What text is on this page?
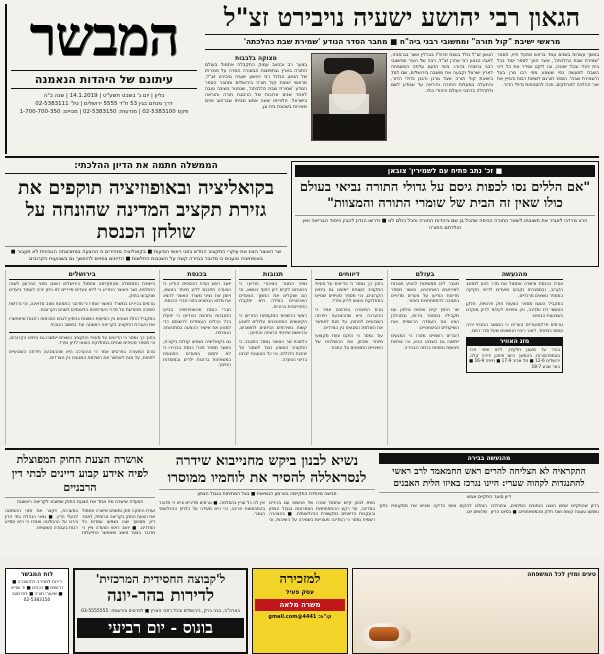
המבשר
עיתונם של היהדות הנאמנה
גליון | יום ג' בשבט תשע"ט | 14.1.2019 | שנה כ"ה
דרך מנחם בגין 53 ת"ד 5555 ירושלים | טל' 02-5383111
פקס 02-5383100 | מודעות: 02-5383150 | מנויים: 1-700-700-350
הגאון רבי יהושע ישעיה נויבירט זצ"ל
מראשי ישיבת "קול תורה" ומחשובי רבני ביה"ח ■ מחבר הסדר הנודע 'שמירת שבת כהלכתה'
מצוקה בלבבות
בצער רב ובכאב עמוק התקבלה אתמול בעולם התורה בארץ ובתפוצות הבשורה המרה על פטירתו של הגאון הגדול רבי יהושע ישעיה נויבירט זצ"ל, מראשי ישיבת קול תורה בירושלים ומחבר הספר הנודע 'שמירת שבת כהלכתה', שנפטר בשיבה טובה לאחר שנים ארוכות של הרבצת תורה והוראה בישראל. הלווייתו יצאה אמש מביתו שברחוב פנים מאירות בשכונת בית וגן.
הגאון זצ"ל נולד בשנת תרפ"ז בברלין אשר בגרמניה, לאביו הגאון רבי אהרן זצ"ל, רבה של העיר ומחשובי רבני גרמניה בדורו. בימי הזעם עלתה המשפחה לארץ ישראל וקבעה את מושבה בירושלים, שם למד בישיבת קול תורה אצל מרנן ורבנן גדולי הדור, והתעלה במעלות התורה והיראה עד שנודע לשם ולתהילה ברחבי העולם היהודי כולו.
במשך עשרות בשנים עמד בראש מפעל חייו, הספר 'שמירת שבת כהלכתה', אשר הפך לספר יסוד בכל בית יהודי ובכל ישיבה, ובו ליקט וסידר את כל דיני השבת למעשה כפי ששמע מפי רבו מרן בעל ה'שמירת שבת'. הספר תורגם לשפות רבות והפיץ את אור ההלכה למרחקים, וזכה להסכמות גדולי הדור.
הממשלה חתמה את הדיון ההלכתי:
בקואליציה ובאופוזיציה תוקפים את גזירת תקציב המדינה שהונחה על שולחן הכנסת
שר האוצר הציג את עיקרי התקציב החדש בפני ראשי הסיעות ■ בקואליציה מזהירים כי ההצעה במתכונתה הנוכחית לא תעבור ■ באופוזיציה טוענים כי מדובר בגזירה קשה על השכבות החלשות ■ הדיונים צפויים להימשך גם בשבועות הקרובים
■ זכ' נתב פתיח עם לשמירין' צובאן
"אם הללים נסו לכפות גיסם על גדולי התורה נביאי בעולם כולו שאין זה הבית של שומרי התורה והמצוות"
הרב מרדכי לאביר את תשובתו לשאר התורה הכיפה שהכל בן שם ביהדות התורה והכל כולם לא ■ ודרשו הנדון להבין היסוד הבריאה ואין הולדתם התורה
בירושלים

בישיבת הממשלה שהתקיימה אתמול בירושלים הוצגו נתוני הגירעון לשנה החולפת, ושר האוצר התריע כי ללא צעדים מיידיים לא ניתן יהיה לעמוד ביעדים שנקבעו בחוק.

גורמים בכירים במשרד האוצר אמרו כי מדובר בתמונת מצב מדאיגה, וכי נדרשת חשיבה מחודשת על סדרי העדיפויות הלאומיים לשנים הקרובות.

במקביל החלו מגעים בין הסיעות השונות בניסיון לגבש הסכמות רחבות שיאפשרו את העברת התקציב בקריאה ראשונה עוד במושב הנוכחי.

בתוך כך נמסר כי הדיונים על סעיפי התקציב השונים יימשכו גם בימים הקרובים, וכי מספר סעיפים שנויים במחלוקת הוצאו לדיון נפרד.

גורם המעורה בפרטים אמר כי ההערכה היא שההצבעה תידחה בשבועיים לפחות, על מנת לאפשר את השלמת המגעים בין הצדדים.

בכנסת

יושב ראש ועדת הכספים הודיע כי הוועדה תתכנס לדיון מיוחד בנושא, ויזמן את נציגי משרד האוצר להציג את מלוא הנתונים בפני חברי הכנסת.

חברי כנסת מהאופוזיציה הביעו התנגדות נחרצת והודיעו כי יפעלו בכל הכלים העומדים לרשותם כדי למנוע את אישור ההצעה במתכונתה הנוכחית.

גם בקואליציה נשמעו קולות ביקורת, כאשר מספר חברי כנסת הבהירו כי לא יתמכו בצעדים הפוגעים במשפחות ברוכות ילדים ובמוסדות החינוך.

תגובות

נציגי המגזר הציבורי הודיעו כי בכוונתם לקיים דיון דחוף בנושא, וכי הם שוקלים את המשך הצעדים הארגוניים במידה ולא יתקבלו התחייבויות ברורות.

ראשי הרשויות המקומיות התריעו כי הקיצוצים המתוכננים עלולים לפגוע קשות בשירותים הניתנים לתושבים, ובראשם שירותי הרווחה והחינוך.

בלשכת שר האוצר נמסר בתגובה כי התקציב המוצע נועד לשמור על יציבות כלכלית, וכי כל הטענות ייבחנו בדיוני הוועדה.

דיווחים

בתוך כך נמסר כי הדיונים על סעיפי התקציב השונים יימשכו גם בימים הקרובים, וכי מספר סעיפים שנויים במחלוקת הוצאו לדיון נפרד.

גורם המעורה בפרטים אמר כי ההערכה היא שההצבעה תידחה בשבועיים לפחות, על מנת לאפשר את השלמת המגעים בין הצדדים.

עוד נמסר כי הוקם צוות מקצועי מיוחד שיבחן את ההשלכות של השינויים המוצעים על המגזר.

בעולם

מעבר לים ממשיכות להגיע תגובות לאירועים האחרונים, כאשר מספר מדינות הודיעו על צעדים מדיניים בתגובה להתפתחויות באזור.

שר החוץ קיים שיחות טלפון עם מקביליו במספר בירות, ובמהלכן הציג את העמדה הרשמית ואת השיקולים הביטחוניים.

דוברים רשמיים מסרו כי המגעים יימשכו גם בשבוע הבא, וכי צפויות פגישות נוספות ברמה הבכירה.

מהנעשה

ועדת הכנסת אישרה אתמול את סדר היום למושב הקרוב, ובמסגרתו נקבעו מועדים לדיוני חקיקה במספר נושאים מרכזיים.

במקביל הוגשו מספר הצעות חוק פרטיות, חלקן בנושאי דת ומדינה, והן צפויות לעלות לדיון מוקדם בשבועות הבאים.

גורמים פרלמנטריים העריכו כי המושב הנוכחי יהיה עמוס במיוחד, לאור ריבוי הנושאים שעל סדר היום.

מזג האוויר
בהיר עד מעונן חלקית, ללא שינוי ניכר בטמפרטורות. בהמשך היום תיתכן ירידה קלה. ירושלים 12-6 ■ תל אביב 17-9 ■ חיפה 16-9 ■ באר שבע 18-7
אושרה הצעת החוק המפוצלת לפיה אידע קבוע דיינים לבתי דין הרבניים
הוועדה אישרה פה אחד את הצעת החוק שתובא לקריאה ראשונה
ועדת החוקה חוק ומשפט אישרה אתמול את הצעת החוק בקריאה טרומית, לאחר דיון ממושך שבו נשמעו עמדות כל הצדדים. ■ יושב ראש הוועדה ציין כי מדובר בצעד חשוב שיאפשר התייעלות במערכת, ויקצר את זמני ההמתנה לבעלי הדין. ■ נציגי הנהלת בתי הדין בירכו על ההחלטה ואמרו כי היא תסייע רבות בעבודה השוטפת.
נשיא לבנון ביקש מחנייבוא שידרה לנסראללה להסיר את לוחמיו ממוסרו
פגישה מיוחדת התקיימה בארמון הנשיאות ■ בצל המתיחות בגבול הצפון
נשיא לבנון קיים אתמול שורה של פגישות עם בכירים במדינה, על רקע ההתפתחויות האחרונות בגבול הצפון ובעקבות הדיווחים בתקשורת הבינלאומית. ■ בהצהרה רשמית נמסר כי המדינה מעוניינת בשמירה על היציבות, וכי אין לה כל עניין בהסלמה. ■ גורמים מדיניים ציינו כי מדובר בהתבטאות חריגה, וכי היא מעידה על הלחץ הבינלאומי הגובר.
מהנעשה בבירה
התקראיה לא הצליחה להרים ראש החמאמד לרב ראשי להתנגדות לקהוה שערי: היינו נגרכז באיזו הלית האבנים
דיון סוער התקיים אמש
בדיון שהתקיים אמש הוצגו הנתונים המלאים, ובמהלכו נשמעו טענות קשות מצד חלק מהמשתתפים. ■ בסיום הדיון הוחלט להקים צוות בדיקה שיגיש את מסקנותיו בתוך שלושים יום.
לוח המבשר
דירות למכירה ולהשכרה ■ דרושים ■ רכבים ■ יד שנייה ■ שיעורי תורה ■ לפרסום: 02-5383150
ל'קבוצה החסידית המרכזית'
לדירות בהר-יונה
בארה"ב, בבני ברק, בירושלים ובכל רחבי הארץ ■ לפרטים והרשמה: 03-5555555
בונוס - יום רביעי
למזכירה
עסק פעיל
משרה מלאה
קו"ח: 4441@gmail.com
טעים ומזין לכל המשפחה
